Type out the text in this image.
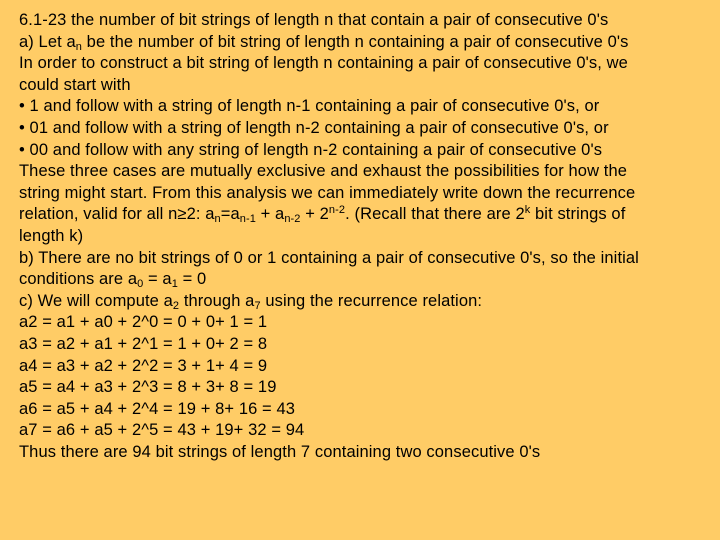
6.1-23 the number of bit strings of length n that contain a pair of consecutive 0's
a) Let $a_n$ be the number of bit string of length n containing a pair of consecutive 0's
In order to construct a bit string of length n containing a pair of consecutive 0's, we
could start with
• 1 and follow with a string of length n-1 containing a pair of consecutive 0's, or
• 01 and follow with a string of length n-2 containing a pair of consecutive 0's, or
• 00 and follow with any string of length n-2 containing a pair of consecutive 0's
These three cases are mutually exclusive and exhaust the possibilities for how the
string might start. From this analysis we can immediately write down the recurrence
relation, valid for all n≥2: $a_n=a_{n-1} + a_{n-2} + 2^{n-2}$. (Recall that there are 2$^k$ bit strings of
length k)
b) There are no bit strings of 0 or 1 containing a pair of consecutive 0's, so the initial
conditions are $a_0 = a_1 = 0$
c) We will compute $a_2$ through $a_7$ using the recurrence relation:
a2 = a1 + a0 + 2^0 = 0 + 0+ 1 = 1
a3 = a2 + a1 + 2^1 = 1 + 0+ 2 = 8
a4 = a3 + a2 + 2^2 = 3 + 1+ 4 = 9
a5 = a4 + a3 + 2^3 = 8 + 3+ 8 = 19
a6 = a5 + a4 + 2^4 = 19 + 8+ 16 = 43
a7 = a6 + a5 + 2^5 = 43 + 19+ 32 = 94
Thus there are 94 bit strings of length 7 containing two consecutive 0's
